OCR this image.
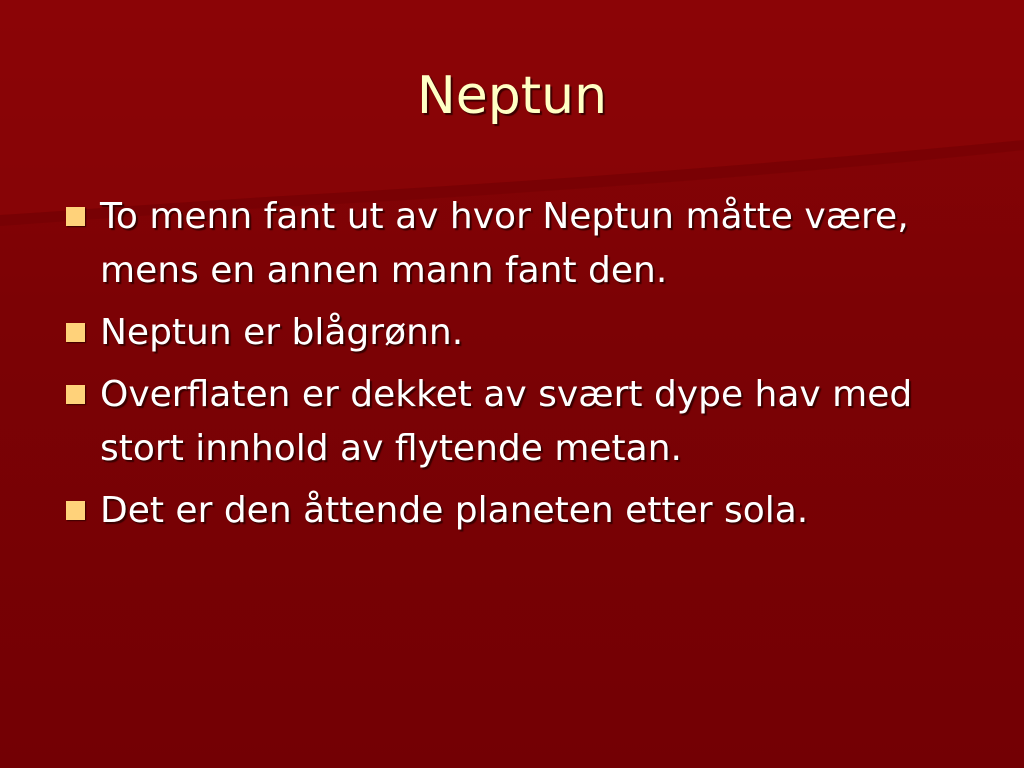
Neptun
To menn fant ut av hvor Neptun måtte være, mens en annen mann fant den.
Neptun er blågrønn.
Overflaten er dekket av svært dype hav med stort innhold av flytende metan.
Det er den åttende planeten etter sola.
